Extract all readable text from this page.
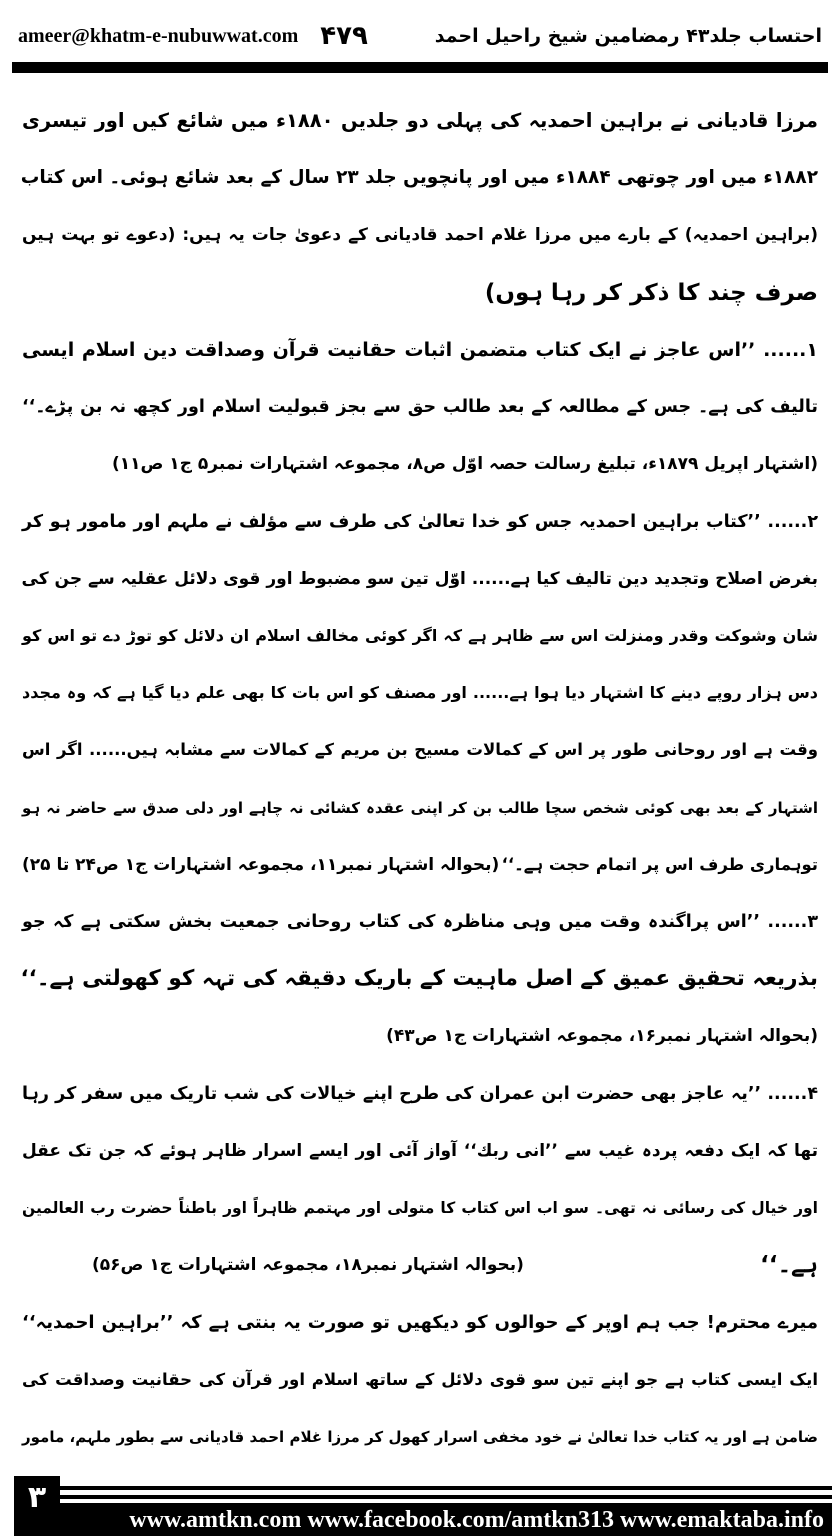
ameer@khatm-e-nubuwwat.com ۴۷۹	احتساب جلد۴۳ رمضامین شیخ راحیل احمد
مرزا قادیانی نے براہین احمدیہ کی پہلی دو جلدیں ۱۸۸۰ء میں شائع کیں اور تیسری
۱۸۸۲ء میں اور چوتھی ۱۸۸۴ء میں اور پانچویں جلد ۲۳ سال کے بعد شائع ہوئی۔ اس کتاب
(براہین احمدیہ) کے بارے میں مرزا غلام احمد قادیانی کے دعویٰ جات یہ ہیں: (دعوے تو بہت ہیں
صرف چند کا ذکر کر رہا ہوں)
۱...... ’’اس عاجز نے ایک کتاب متضمن اثبات حقانیت قرآن وصداقت دین اسلام ایسی
تالیف کی ہے۔ جس کے مطالعہ کے بعد طالب حق سے بجز قبولیت اسلام اور کچھ نہ بن پڑے۔‘‘
(اشتہار اپریل ۱۸۷۹ء، تبلیغ رسالت حصہ اوّل ص۸، مجموعہ اشتہارات نمبر۵ ج۱ ص۱۱)
۲...... ’’کتاب براہین احمدیہ جس کو خدا تعالیٰ کی طرف سے مؤلف نے ملہم اور مامور ہو کر
بغرض اصلاح وتجدید دین تالیف کیا ہے...... اوّل تین سو مضبوط اور قوی دلائل عقلیہ سے جن کی
شان وشوکت وقدر ومنزلت اس سے ظاہر ہے کہ اگر کوئی مخالف اسلام ان دلائل کو توڑ دے تو اس کو
دس ہزار روپے دینے کا اشتہار دیا ہوا ہے...... اور مصنف کو اس بات کا بھی علم دیا گیا ہے کہ وہ مجدد
وقت ہے اور روحانی طور پر اس کے کمالات مسیح بن مریم کے کمالات سے مشابہ ہیں...... اگر اس
اشتہار کے بعد بھی کوئی شخص سچا طالب بن کر اپنی عقدہ کشائی نہ چاہے اور دلی صدق سے حاضر نہ ہو
توہماری طرف اس پر اتمام حجت ہے۔‘‘
(بحوالہ اشتہار نمبر۱۱، مجموعہ اشتہارات ج۱ ص۲۴ تا ۲۵)
۳...... ’’اس پراگندہ وقت میں وہی مناظرہ کی کتاب روحانی جمعیت بخش سکتی ہے کہ جو
بذریعہ تحقیق عمیق کے اصل ماہیت کے باریک دقیقہ کی تہہ کو کھولتی ہے۔‘‘
(بحوالہ اشتہار نمبر۱۶، مجموعہ اشتہارات ج۱ ص۴۳)
۴...... ’’یہ عاجز بھی حضرت ابن عمران کی طرح اپنے خیالات کی شب تاریک میں سفر کر رہا
تھا کہ ایک دفعہ پردہ غیب سے ’’انی ربك‘‘ آواز آئی اور ایسے اسرار ظاہر ہوئے کہ جن تک عقل
اور خیال کی رسائی نہ تھی۔ سو اب اس کتاب کا متولی اور مہتمم ظاہراً اور باطناً حضرت رب العالمین
ہے۔‘‘
(بحوالہ اشتہار نمبر۱۸، مجموعہ اشتہارات ج۱ ص۵۶)
میرے محترم! جب ہم اوپر کے حوالوں کو دیکھیں تو صورت یہ بنتی ہے کہ ’’براہین احمدیہ‘‘
ایک ایسی کتاب ہے جو اپنے تین سو قوی دلائل کے ساتھ اسلام اور قرآن کی حقانیت وصداقت کی
ضامن ہے اور یہ کتاب خدا تعالیٰ نے خود مخفی اسرار کھول کر مرزا غلام احمد قادیانی سے بطور ملہم، مامور
۳
www.amtkn.com www.facebook.com/amtkn313 www.emaktaba.info
